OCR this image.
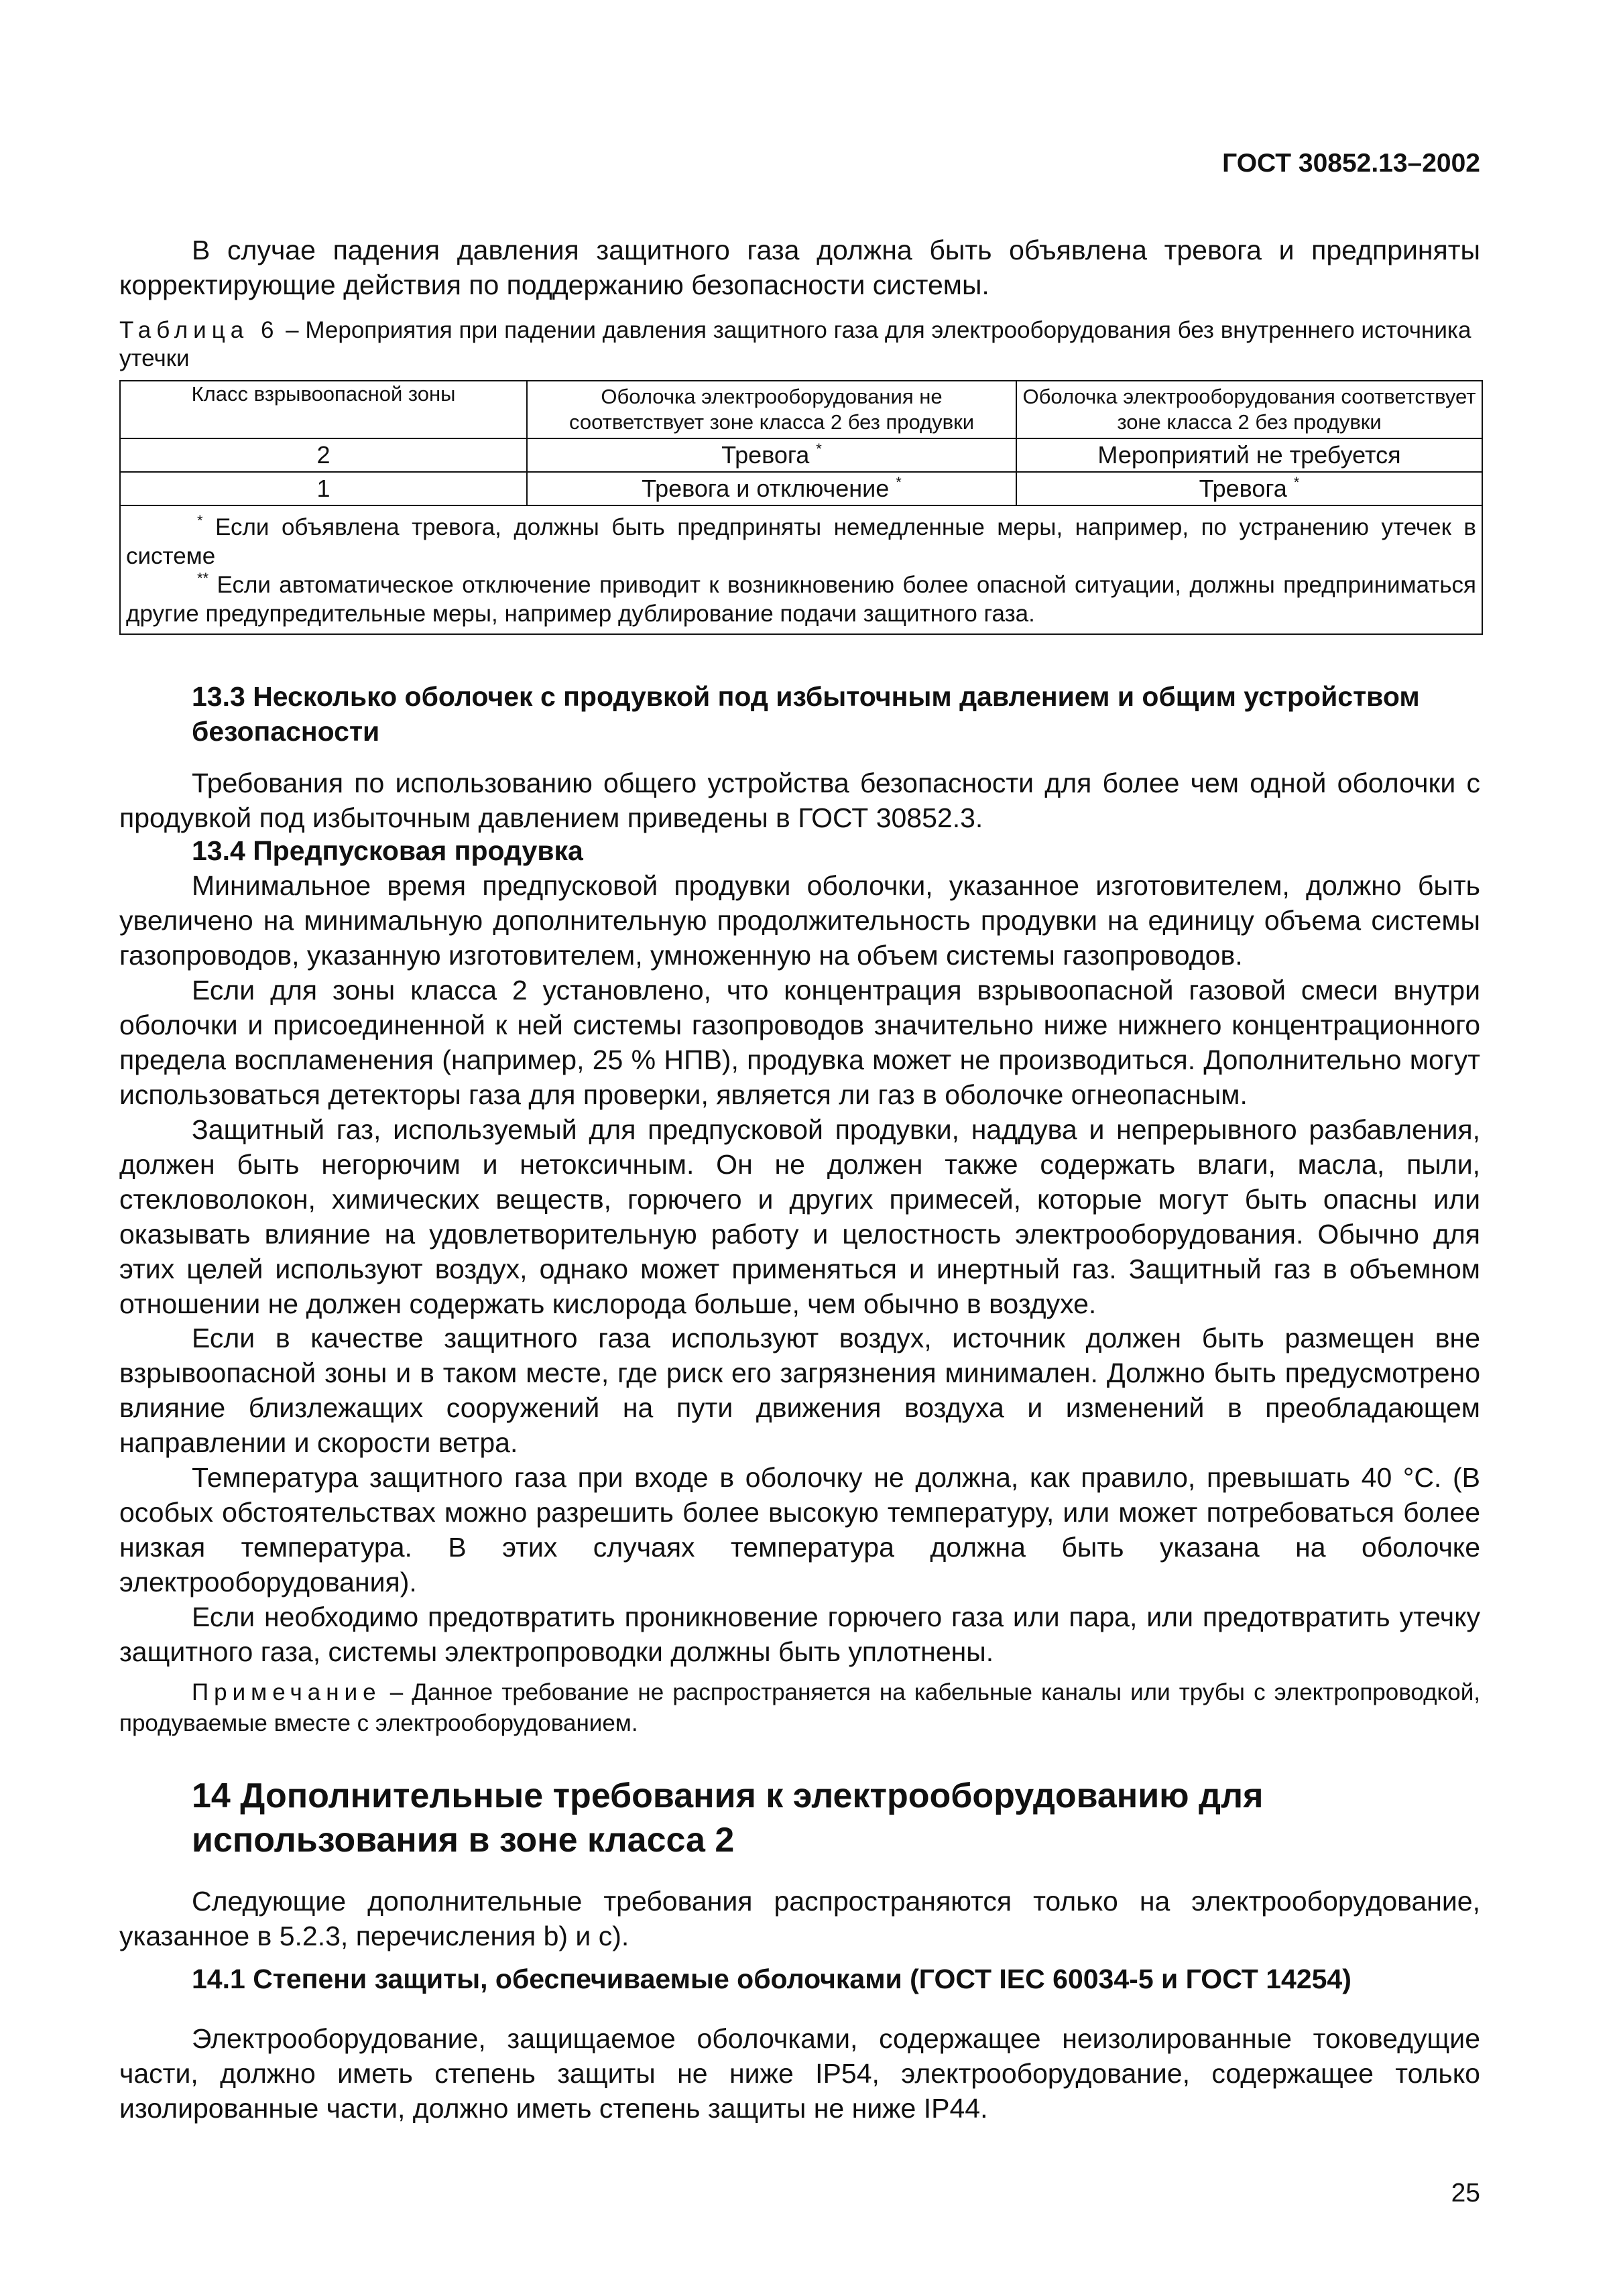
ГОСТ 30852.13–2002
В случае падения давления защитного газа должна быть объявлена тревога и предприняты корректирующие действия по поддержанию безопасности системы.
Таблица 6 – Мероприятия при падении давления защитного газа для электрооборудования без внутреннего источника утечки
Класс взрывоопасной зоны	Оболочка электрооборудования не соответствует зоне класса 2 без продувки	Оболочка электрооборудования соответствует зоне класса 2 без продувки
2	Тревога *	Мероприятий не требуется
1	Тревога и отключение *	Тревога *

* Если объявлена тревога, должны быть предприняты немедленные меры, например, по устранению утечек в системе
** Если автоматическое отключение приводит к возникновению более опасной ситуации, должны предприниматься другие предупредительные меры, например дублирование подачи защитного газа.		
13.3 Несколько оболочек с продувкой под избыточным давлением и общим устройством безопасности
Требования по использованию общего устройства безопасности для более чем одной оболочки с продувкой под избыточным давлением приведены в ГОСТ 30852.3.
13.4 Предпусковая продувка
Минимальное время предпусковой продувки оболочки, указанное изготовителем, должно быть увеличено на минимальную дополнительную продолжительность продувки на единицу объема системы газопроводов, указанную изготовителем, умноженную на объем системы газопроводов.
Если для зоны класса 2 установлено, что концентрация взрывоопасной газовой смеси внутри оболочки и присоединенной к ней системы газопроводов значительно ниже нижнего концентрационного предела воспламенения (например, 25 % НПВ), продувка может не производиться. Дополнительно могут использоваться детекторы газа для проверки, является ли газ в оболочке огнеопасным.
Защитный газ, используемый для предпусковой продувки, наддува и непрерывного разбавления, должен быть негорючим и нетоксичным. Он не должен также содержать влаги, масла, пыли, стекловолокон, химических веществ, горючего и других примесей, которые могут быть опасны или оказывать влияние на удовлетворительную работу и целостность электрооборудования. Обычно для этих целей используют воздух, однако может применяться и инертный газ. Защитный газ в объемном отношении не должен содержать кислорода больше, чем обычно в воздухе.
Если в качестве защитного газа используют воздух, источник должен быть размещен вне взрывоопасной зоны и в таком месте, где риск его загрязнения минимален. Должно быть предусмотрено влияние близлежащих сооружений на пути движения воздуха и изменений в преобладающем направлении и скорости ветра.
Температура защитного газа при входе в оболочку не должна, как правило, превышать 40 °С. (В особых обстоятельствах можно разрешить более высокую температуру, или может потребоваться более низкая температура. В этих случаях температура должна быть указана на оболочке электрооборудования).
Если необходимо предотвратить проникновение горючего газа или пара, или предотвратить утечку защитного газа, системы электропроводки должны быть уплотнены.
Примечание – Данное требование не распространяется на кабельные каналы или трубы с электропроводкой, продуваемые вместе с электрооборудованием.
14 Дополнительные требования к электрооборудованию для использования в зоне класса 2
Следующие дополнительные требования распространяются только на электрооборудование, указанное в 5.2.3, перечисления b) и c).
14.1 Степени защиты, обеспечиваемые оболочками (ГОСТ IEC 60034-5 и ГОСТ 14254)
Электрооборудование, защищаемое оболочками, содержащее неизолированные токоведущие части, должно иметь степень защиты не ниже IP54, электрооборудование, содержащее только изолированные части, должно иметь степень защиты не ниже IP44.
25
